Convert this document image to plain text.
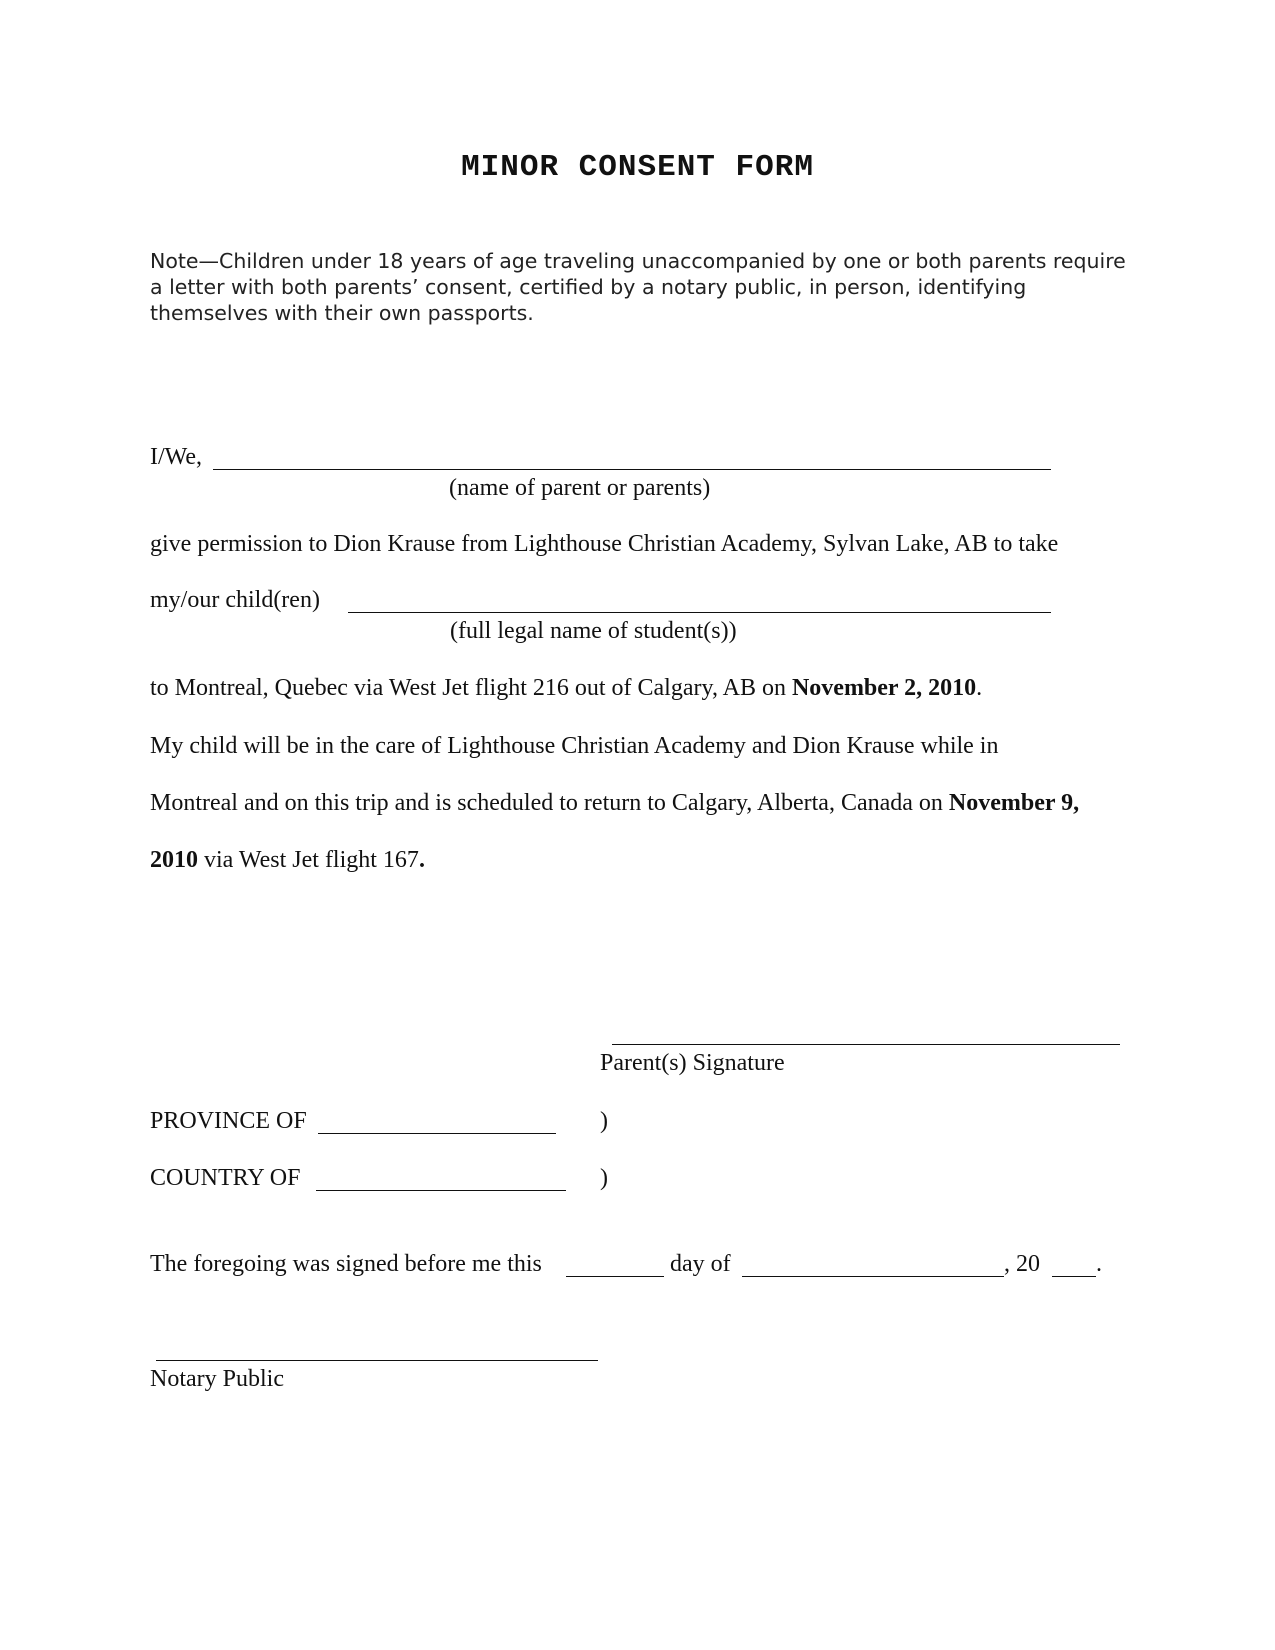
MINOR CONSENT FORM
Note—Children under 18 years of age traveling unaccompanied by one or both parents require a letter with both parents’ consent, certified by a notary public, in person, identifying themselves with their own passports.
I/We,
(name of parent or parents)
give permission to Dion Krause from Lighthouse Christian Academy, Sylvan Lake, AB to take
my/our child(ren)
(full legal name of student(s))
to Montreal, Quebec via West Jet flight 216 out of Calgary, AB on November 2, 2010.
My child will be in the care of Lighthouse Christian Academy and Dion Krause while in
Montreal and on this trip and is scheduled to return to Calgary, Alberta, Canada on November 9,
2010 via West Jet flight 167.
Parent(s) Signature
PROVINCE OF	)
COUNTRY OF	)
The foregoing was signed before me this	day of	, 20 .
Notary Public
